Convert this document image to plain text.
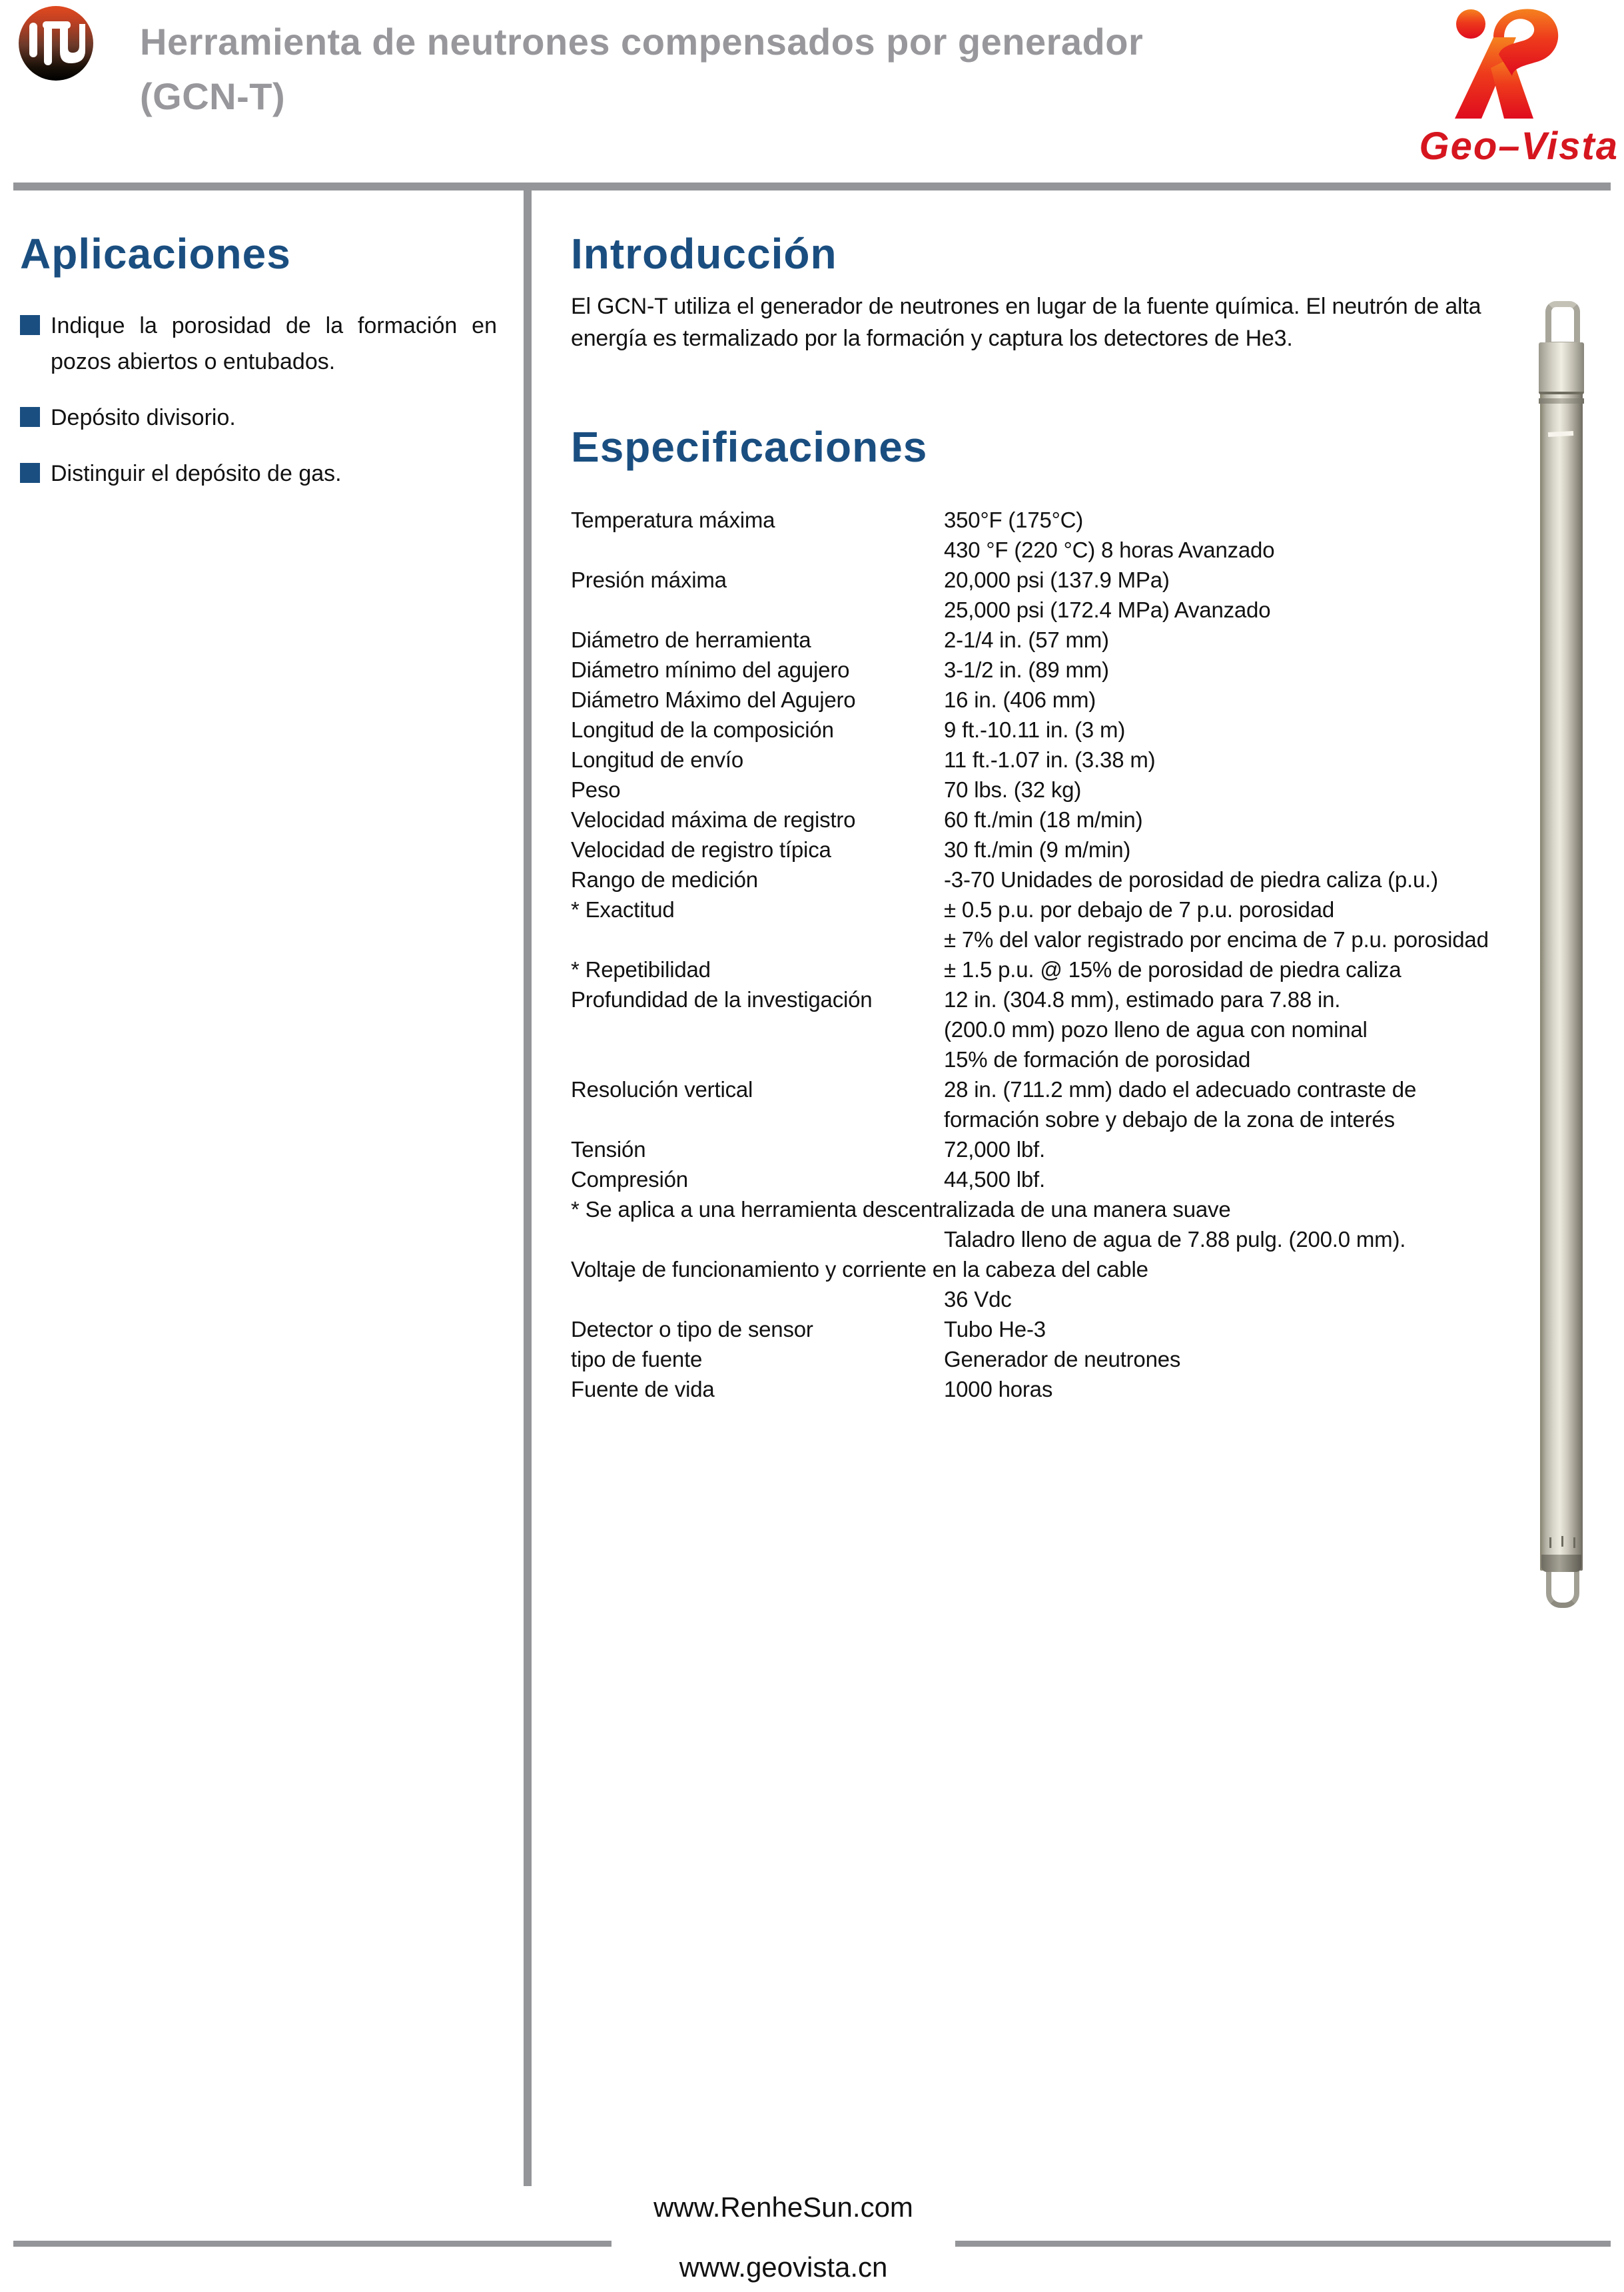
Herramienta de neutrones compensados por generador
(GCN-T)
Geo–Vista
Aplicaciones
Indique la porosidad de la formación en pozos abiertos o entubados.
Depósito divisorio.
Distinguir el depósito de gas.
Introducción

El GCN-T utiliza el generador de neutrones en lugar de la fuente química. El neutrón de alta energía es termalizado por la formación y captura los detectores de He3.

Especificaciones
Temperatura máxima	350°F (175°C)
430 °F (220 °C) 8 horas Avanzado
Presión máxima	20,000 psi (137.9 MPa)
25,000 psi (172.4 MPa) Avanzado
Diámetro de herramienta	2-1/4 in. (57 mm)
Diámetro mínimo del agujero	3-1/2 in. (89 mm)
Diámetro Máximo del Agujero	16 in. (406 mm)
Longitud de la composición	9 ft.-10.11 in. (3 m)
Longitud de envío	11 ft.-1.07 in. (3.38 m)
Peso	70 lbs. (32 kg)
Velocidad máxima de registro	60 ft./min (18 m/min)
Velocidad de registro típica	30 ft./min (9 m/min)
Rango de medición	-3-70 Unidades de porosidad de piedra caliza (p.u.)
* Exactitud	± 0.5 p.u. por debajo de 7 p.u. porosidad
± 7% del valor registrado por encima de 7 p.u. porosidad
* Repetibilidad	± 1.5 p.u. @ 15% de porosidad de piedra caliza
Profundidad de la investigación	12 in. (304.8 mm), estimado para 7.88 in.
(200.0 mm) pozo lleno de agua con nominal
15% de formación de porosidad
Resolución vertical	28 in. (711.2 mm) dado el adecuado contraste de
formación sobre y debajo de la zona de interés
Tensión	72,000 lbf.
Compresión	44,500 lbf.
* Se aplica a una herramienta descentralizada de una manera suave
Taladro lleno de agua de 7.88 pulg. (200.0 mm).
Voltaje de funcionamiento y corriente en la cabeza del cable
36 Vdc
Detector o tipo de sensor	Tubo He-3
tipo de fuente	Generador de neutrones
Fuente de vida	1000 horas
www.RenheSun.com
www.geovista.cn
